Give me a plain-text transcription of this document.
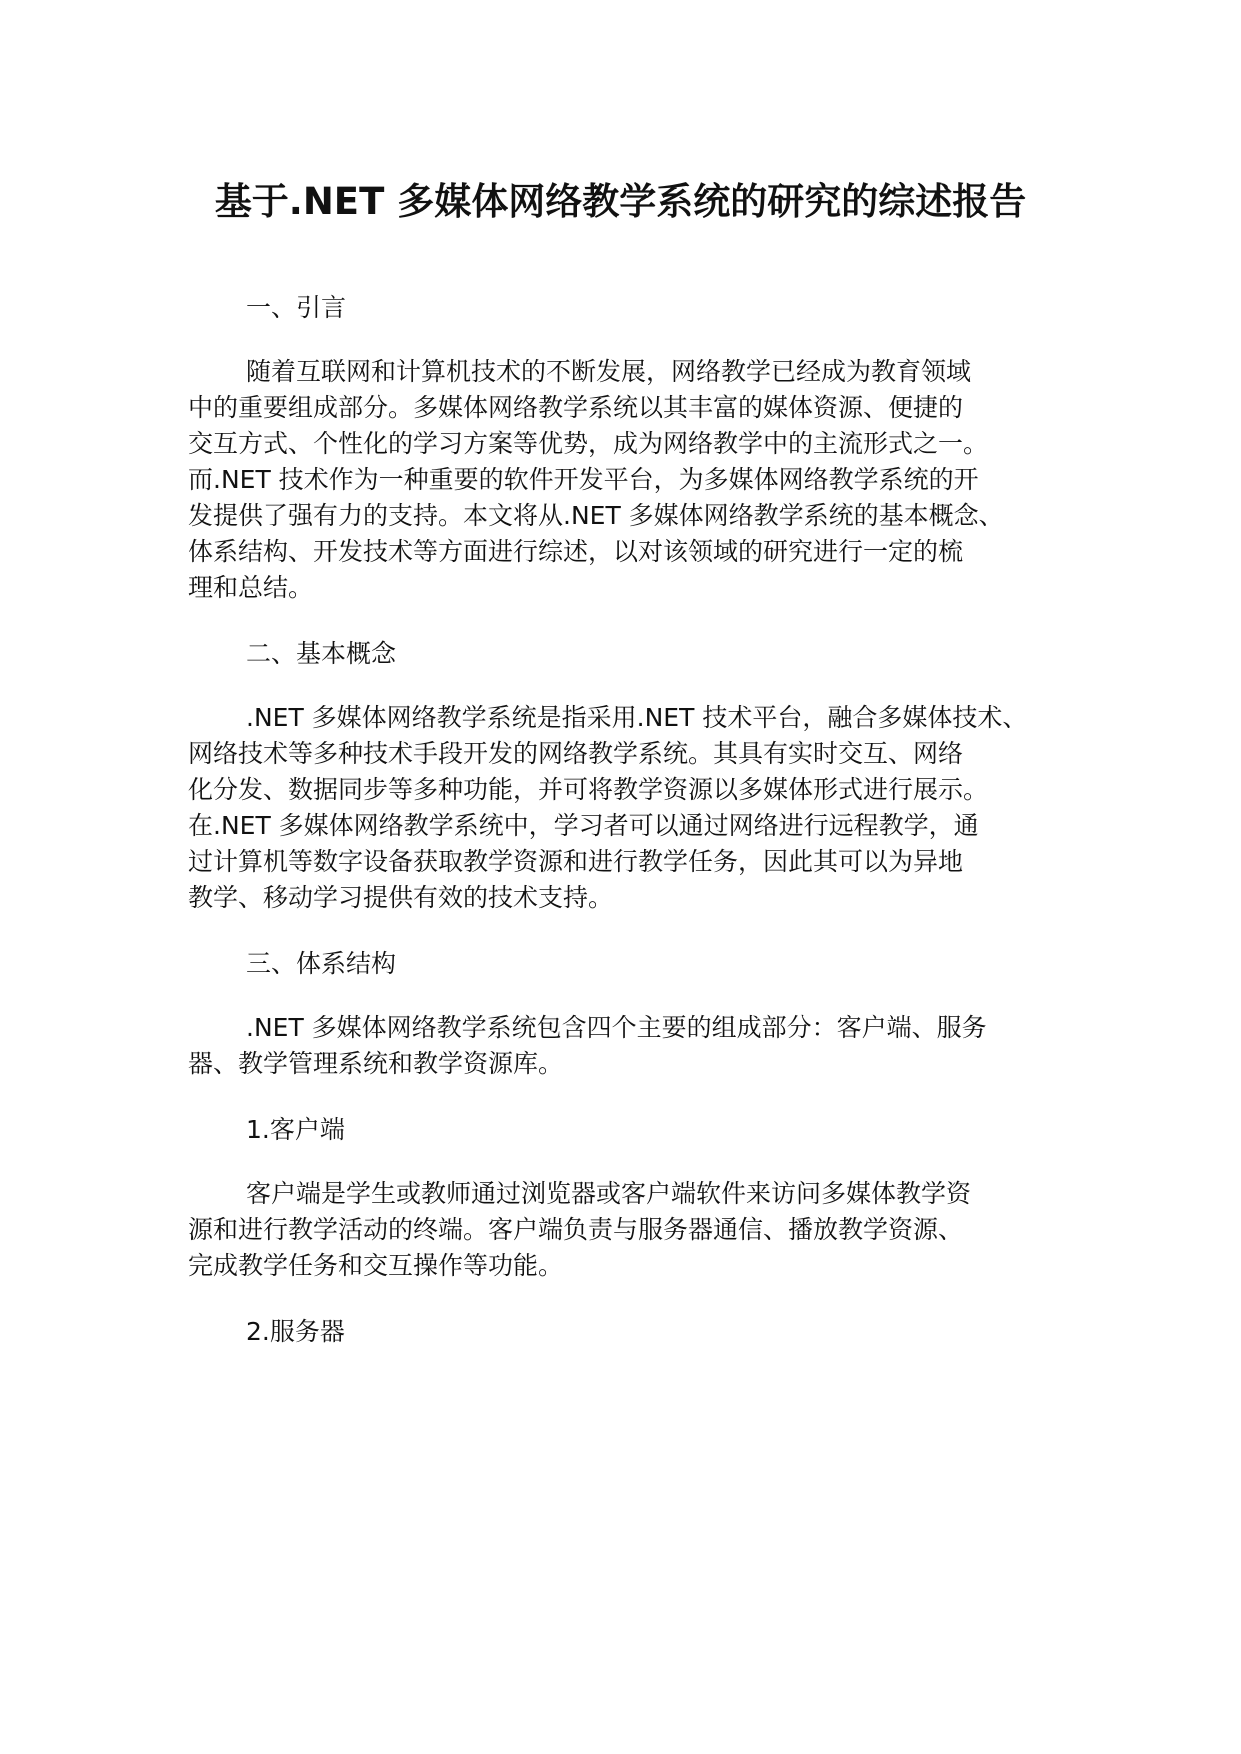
基于.NET 多媒体网络教学系统的研究的综述报告
一、引言
随着互联网和计算机技术的不断发展，网络教学已经成为教育领域
中的重要组成部分。多媒体网络教学系统以其丰富的媒体资源、便捷的
交互方式、个性化的学习方案等优势，成为网络教学中的主流形式之一。
而.NET 技术作为一种重要的软件开发平台，为多媒体网络教学系统的开
发提供了强有力的支持。本文将从.NET 多媒体网络教学系统的基本概念、
体系结构、开发技术等方面进行综述，以对该领域的研究进行一定的梳
理和总结。
二、基本概念
.NET 多媒体网络教学系统是指采用.NET 技术平台，融合多媒体技术、
网络技术等多种技术手段开发的网络教学系统。其具有实时交互、网络
化分发、数据同步等多种功能，并可将教学资源以多媒体形式进行展示。
在.NET 多媒体网络教学系统中，学习者可以通过网络进行远程教学，通
过计算机等数字设备获取教学资源和进行教学任务，因此其可以为异地
教学、移动学习提供有效的技术支持。
三、体系结构
.NET 多媒体网络教学系统包含四个主要的组成部分：客户端、服务
器、教学管理系统和教学资源库。
1.客户端
客户端是学生或教师通过浏览器或客户端软件来访问多媒体教学资
源和进行教学活动的终端。客户端负责与服务器通信、播放教学资源、
完成教学任务和交互操作等功能。
2.服务器
